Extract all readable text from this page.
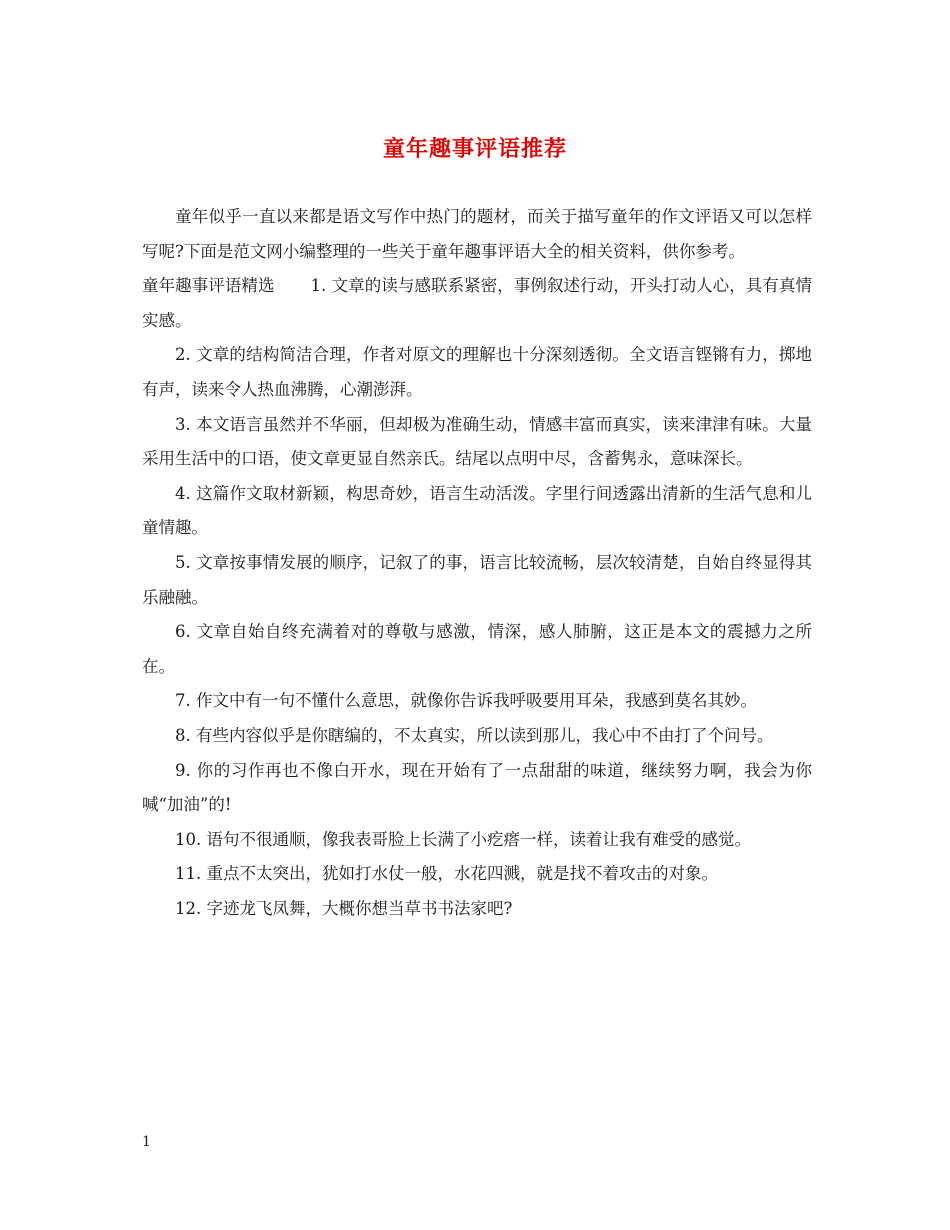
童年趣事评语推荐

童年似乎一直以来都是语文写作中热门的题材，而关于描写童年的作文评语又可以怎样写呢?下面是范文网小编整理的一些关于童年趣事评语大全的相关资料，供你参考。

童年趣事评语精选 1. 文章的读与感联系紧密，事例叙述行动，开头打动人心，具有真情实感。

2. 文章的结构简洁合理，作者对原文的理解也十分深刻透彻。全文语言铿锵有力，掷地有声，读来令人热血沸腾，心潮澎湃。

3. 本文语言虽然并不华丽，但却极为准确生动，情感丰富而真实，读来津津有味。大量采用生活中的口语，使文章更显自然亲氏。结尾以点明中尽，含蓄隽永，意味深长。

4. 这篇作文取材新颖，构思奇妙，语言生动活泼。字里行间透露出清新的生活气息和儿童情趣。

5. 文章按事情发展的顺序，记叙了的事，语言比较流畅，层次较清楚，自始自终显得其乐融融。

6. 文章自始自终充满着对的尊敬与感激，情深，感人肺腑，这正是本文的震撼力之所在。

7. 作文中有一句不懂什么意思，就像你告诉我呼吸要用耳朵，我感到莫名其妙。

8. 有些内容似乎是你瞎编的，不太真实，所以读到那儿，我心中不由打了个问号。

9. 你的习作再也不像白开水，现在开始有了一点甜甜的味道，继续努力啊，我会为你喊“加油”的!

10. 语句不很通顺，像我表哥脸上长满了小疙瘩一样，读着让我有难受的感觉。

11. 重点不太突出，犹如打水仗一般，水花四溅，就是找不着攻击的对象。

12. 字迹龙飞凤舞，大概你想当草书书法家吧?

1
